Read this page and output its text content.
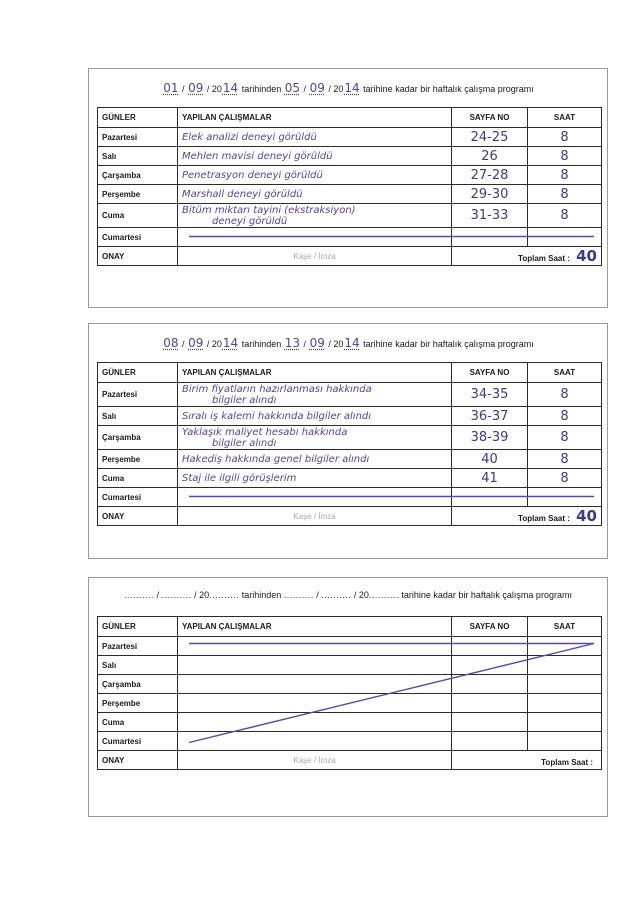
01 / 09 / 2014 tarihinden 05 / 09 / 2014 tarihine kadar bir haftalık çalışma programı
GÜNLER	YAPILAN ÇALIŞMALAR	SAYFA NO	SAAT
Pazartesi	Elek analizi deneyi görüldü	24-25	8
Salı	Mehlen mavisi deneyi görüldü	26	8
Çarşamba	Penetrasyon deneyi görüldü	27-28	8
Perşembe	Marshall deneyi görüldü	29-30	8
Cuma	Bitüm miktarı tayini (ekstraksiyon)
deneyi görüldü	31-33	8
Cumartesi			
ONAY	Kaşe / İmza	Toplam Saat : 40	
08 / 09 / 2014 tarihinden 13 / 09 / 2014 tarihine kadar bir haftalık çalışma programı
GÜNLER	YAPILAN ÇALIŞMALAR	SAYFA NO	SAAT
Pazartesi	Birim fiyatların hazırlanması hakkında
bilgiler alındı	34-35	8
Salı	Sıralı iş kalemi hakkında bilgiler alındı	36-37	8
Çarşamba	Yaklaşık maliyet hesabı hakkında
bilgiler alındı	38-39	8
Perşembe	Hakediş hakkında genel bilgiler alındı	40	8
Cuma	Staj ile ilgili görüşlerim	41	8
Cumartesi			
ONAY	Kaşe / İmza	Toplam Saat : 40	
.......... / .......... / 20.......... tarihinden .......... / .......... / 20.......... tarihine kadar bir haftalık çalışma programı
GÜNLER	YAPILAN ÇALIŞMALAR	SAYFA NO	SAAT
Pazartesi			
Salı			
Çarşamba			
Perşembe			
Cuma			
Cumartesi			
ONAY	Kaşe / İmza	Toplam Saat :	
